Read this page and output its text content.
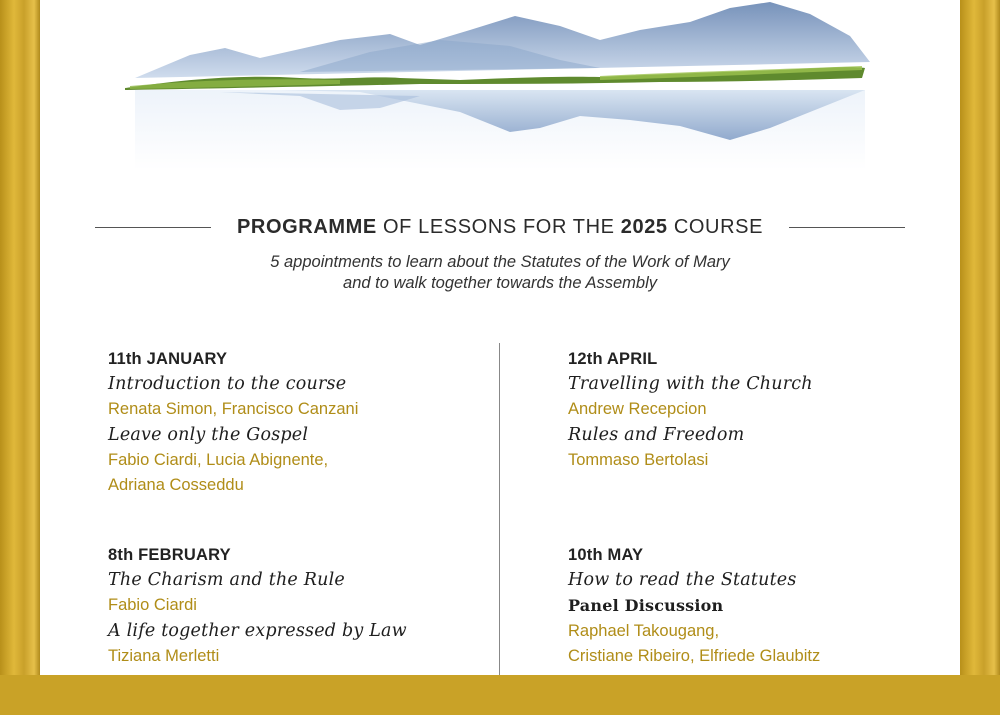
PROGRAMME OF LESSONS FOR THE 2025 COURSE
5 appointments to learn about the Statutes of the Work of Mary
and to walk together towards the Assembly
11th JANUARY
Introduction to the course
Renata Simon, Francisco Canzani
Leave only the Gospel
Fabio Ciardi, Lucia Abignente,
Adriana Cosseddu
8th FEBRUARY
The Charism and the Rule
Fabio Ciardi
A life together expressed by Law
Tiziana Merletti
12th APRIL
Travelling with the Church
Andrew Recepcion
Rules and Freedom
Tommaso Bertolasi
10th MAY
How to read the Statutes
Panel Discussion
Raphael Takougang,
Cristiane Ribeiro, Elfriede Glaubitz
